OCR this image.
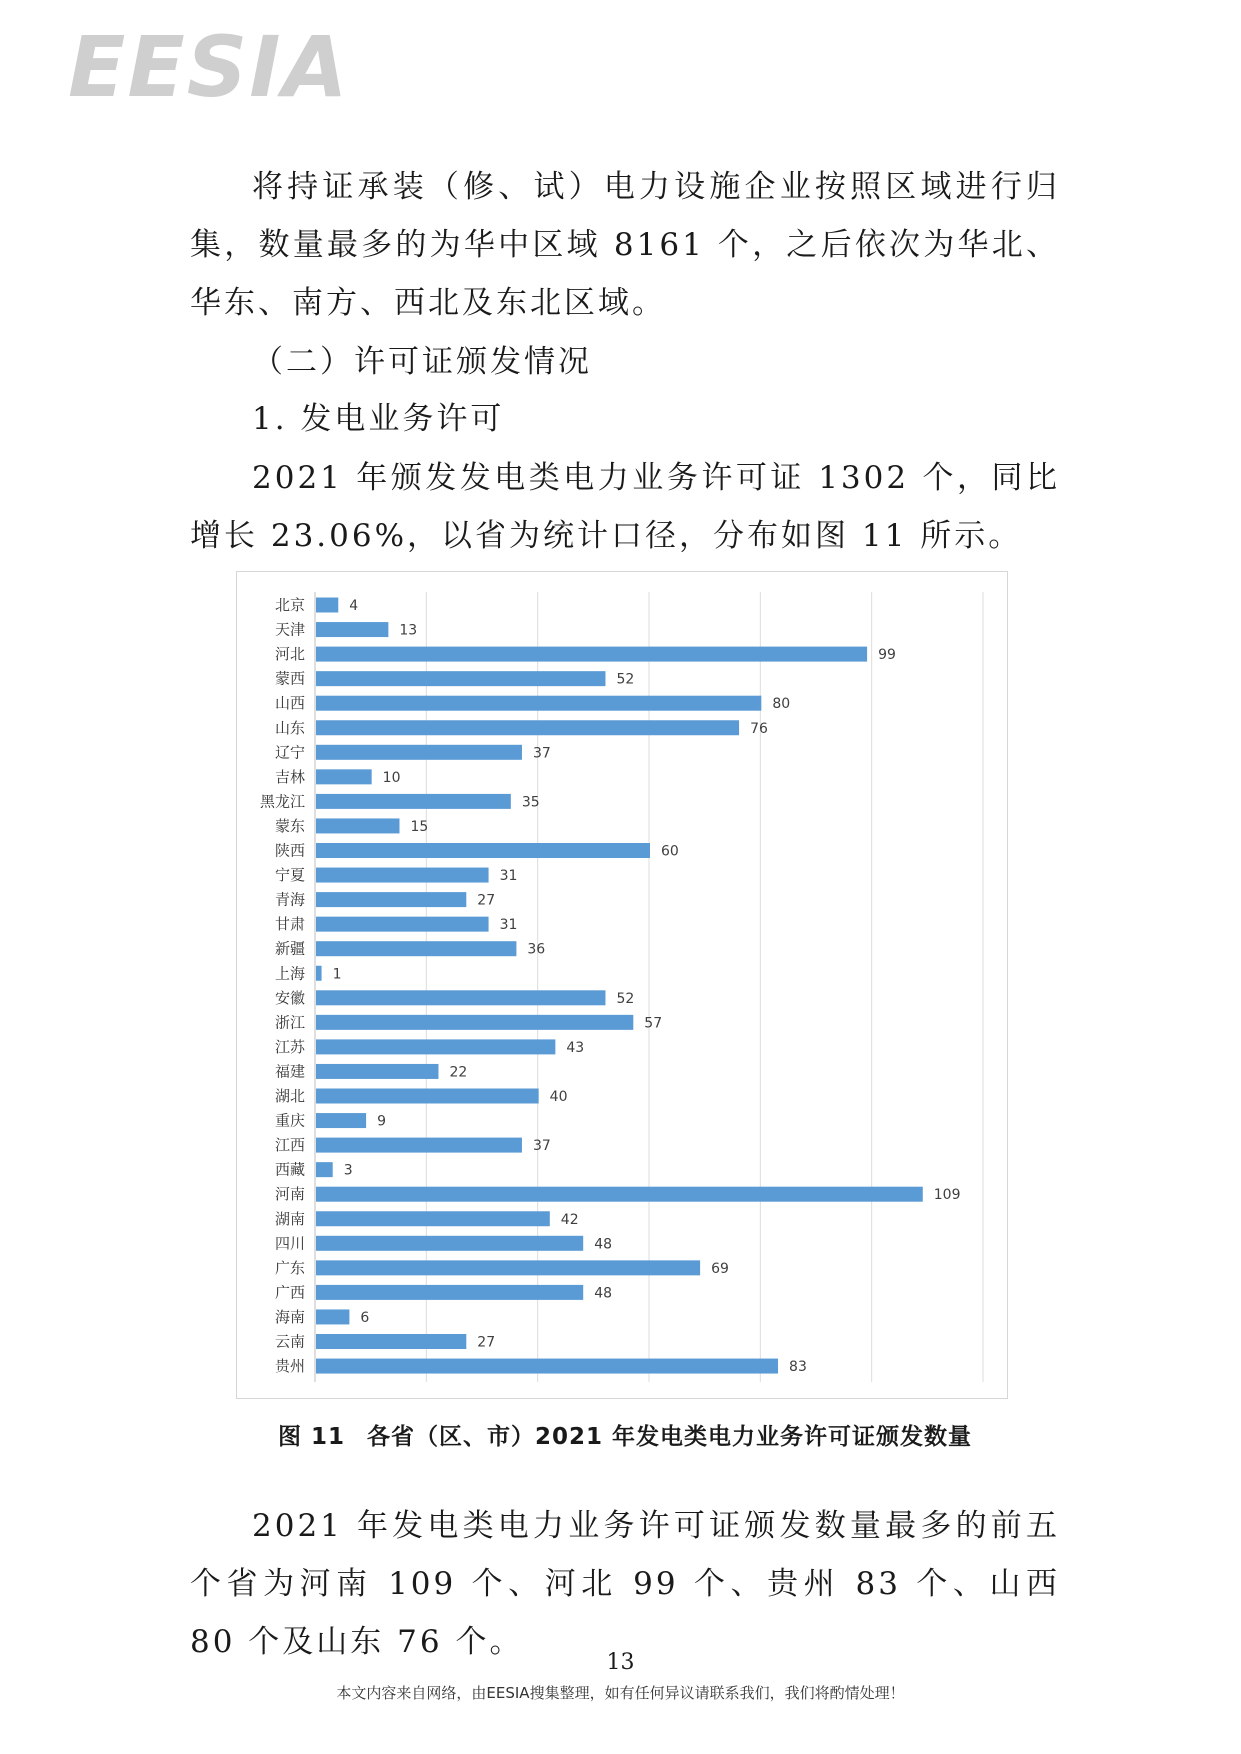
EESIA
将持证承装（修、试）电力设施企业按照区域进行归集，数量最多的为华中区域 8161 个，之后依次为华北、华东、南方、西北及东北区域。
（二）许可证颁发情况
1. 发电业务许可
2021 年颁发发电类电力业务许可证 1302 个，同比增长 23.06%，以省为统计口径，分布如图 11 所示。
北京	4
天津	13
河北	99
蒙西	52
山西	80
山东	76
辽宁	37
吉林	10
黑龙江	35
蒙东	15
陕西	60
宁夏	31
青海	27
甘肃	31
新疆	36
上海 1
安徽	52
浙江	57
江苏	43
福建	22
湖北	40
重庆	9
江西	37
西藏	3
河南	109
湖南	42
四川	48
广东	69
广西	48
海南	6
云南	27
贵州	83
图 11 各省（区、市）2021 年发电类电力业务许可证颁发数量
2021 年发电类电力业务许可证颁发数量最多的前五个省为河南 109 个、河北 99 个、贵州 83 个、山西 80 个及山东 76 个。
13
本文内容来自网络，由EESIA搜集整理，如有任何异议请联系我们，我们将酌情处理！
